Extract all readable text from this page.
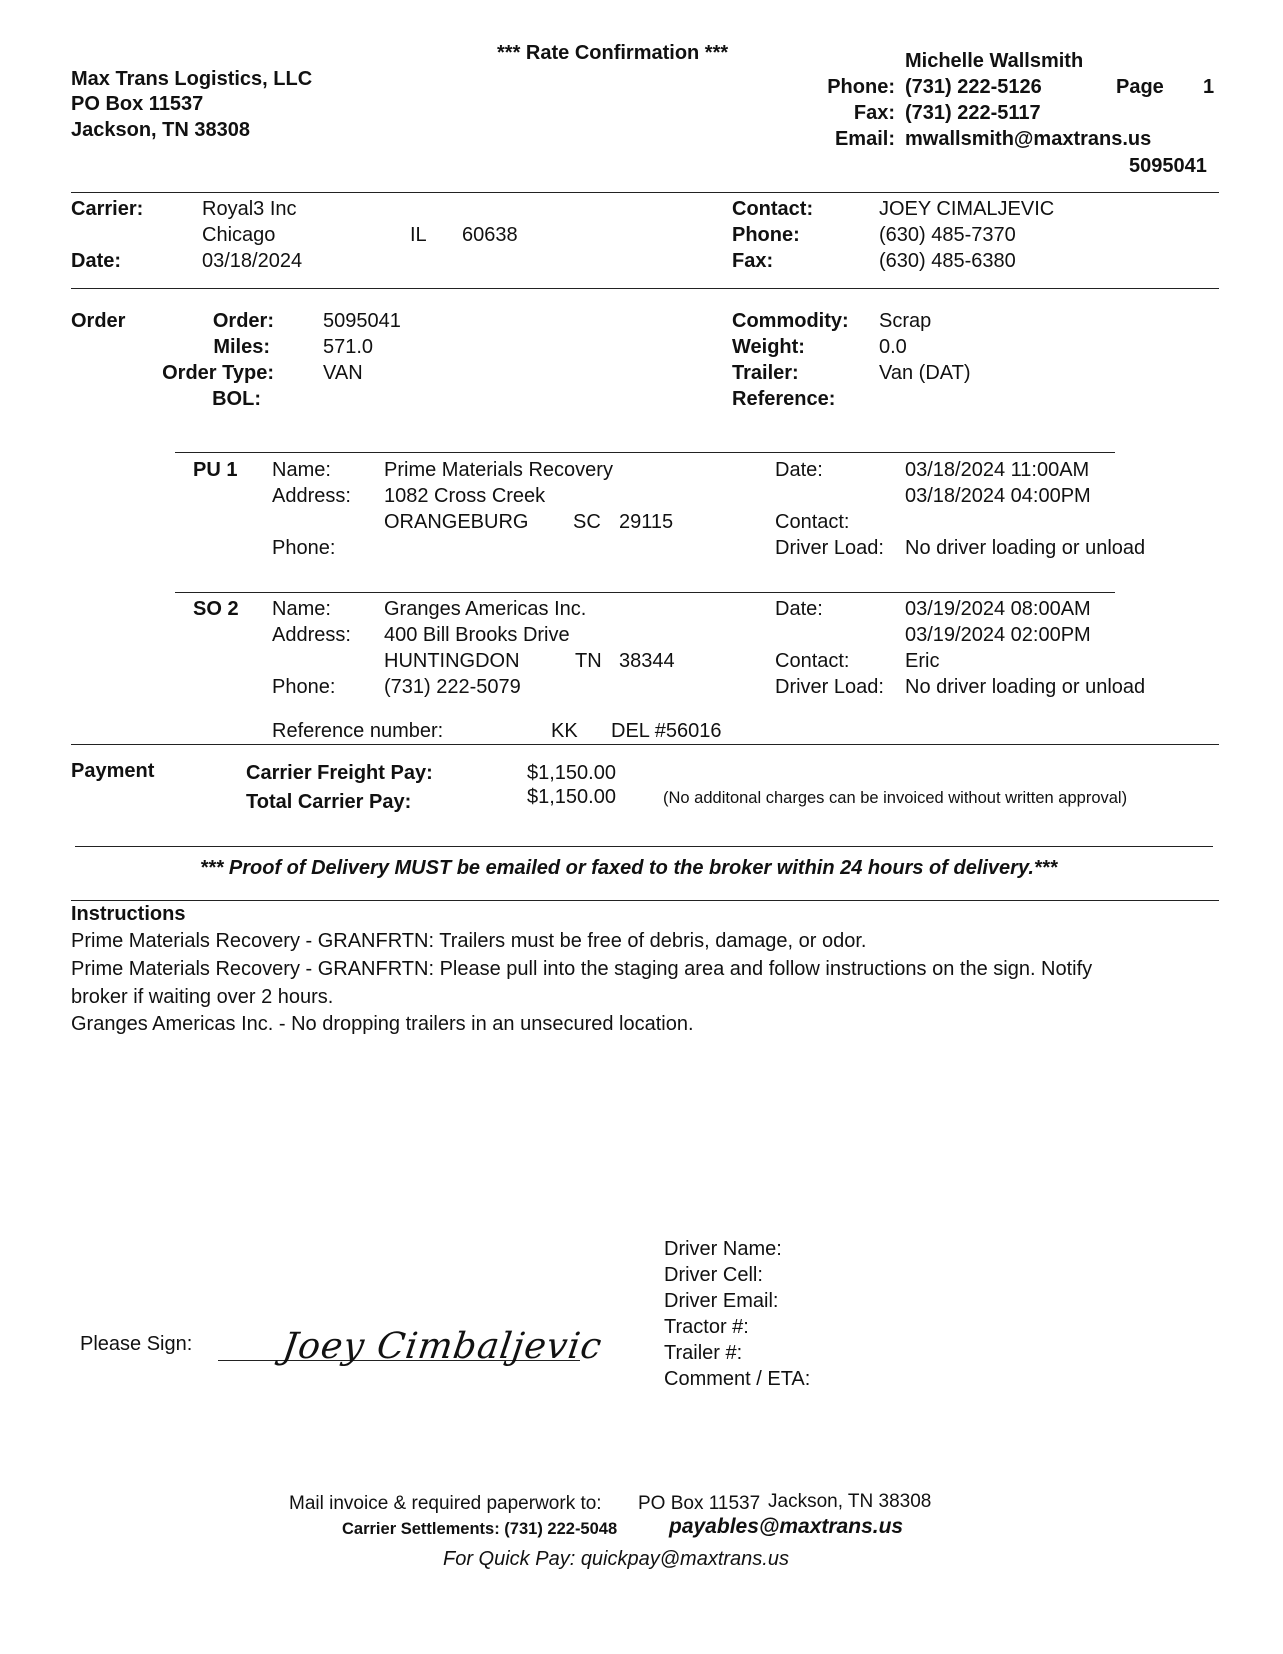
*** Rate Confirmation ***
Max Trans Logistics, LLC
PO Box 11537
Jackson, TN 38308
Michelle Wallsmith
Phone: (731) 222-5126
Fax: (731) 222-5117
Email: mwallsmith@maxtrans.us
Page 1
5095041
Carrier:	Royal3 Inc
Chicago	IL 60638
Date:	03/18/2024
Contact:	JOEY CIMALJEVIC
Phone:	(630) 485-7370
Fax:	(630) 485-6380
Order	Order: 5095041
Miles:	571.0
Order Type: VAN
BOL:
Commodity: Scrap
Weight:	0.0
Trailer:	Van (DAT)
Reference:
PU 1 Name:	Prime Materials Recovery
Address: 1082 Cross Creek
ORANGEBURG SC 29115
Phone:
Date:	03/18/2024 11:00AM
03/18/2024 04:00PM
Contact:
Driver Load: No driver loading or unload
SO 2 Name:	Granges Americas Inc.
Address: 400 Bill Brooks Drive
HUNTINGDON	TN 38344
Phone: (731) 222-5079
Date:	03/19/2024 08:00AM
03/19/2024 02:00PM
Contact:	Eric
Driver Load: No driver loading or unload
Reference number:	KK DEL #56016
Payment	Carrier Freight Pay:	$1,150.00
Total Carrier Pay:	$1,150.00	(No additonal charges can be invoiced without written approval)
*** Proof of Delivery MUST be emailed or faxed to the broker within 24 hours of delivery.***
Instructions
Prime Materials Recovery - GRANFRTN: Trailers must be free of debris, damage, or odor.
Prime Materials Recovery - GRANFRTN: Please pull into the staging area and follow instructions on the sign. Notify
broker if waiting over 2 hours.
Granges Americas Inc. - No dropping trailers in an unsecured location.
Please Sign: Joey Cimbaljevic
Driver Name:
Driver Cell:
Driver Email:
Tractor #:
Trailer #:
Comment / ETA:
Mail invoice & required paperwork to: PO Box 11537 Jackson, TN 38308
Carrier Settlements: (731) 222-5048 payables@maxtrans.us
For Quick Pay: quickpay@maxtrans.us
